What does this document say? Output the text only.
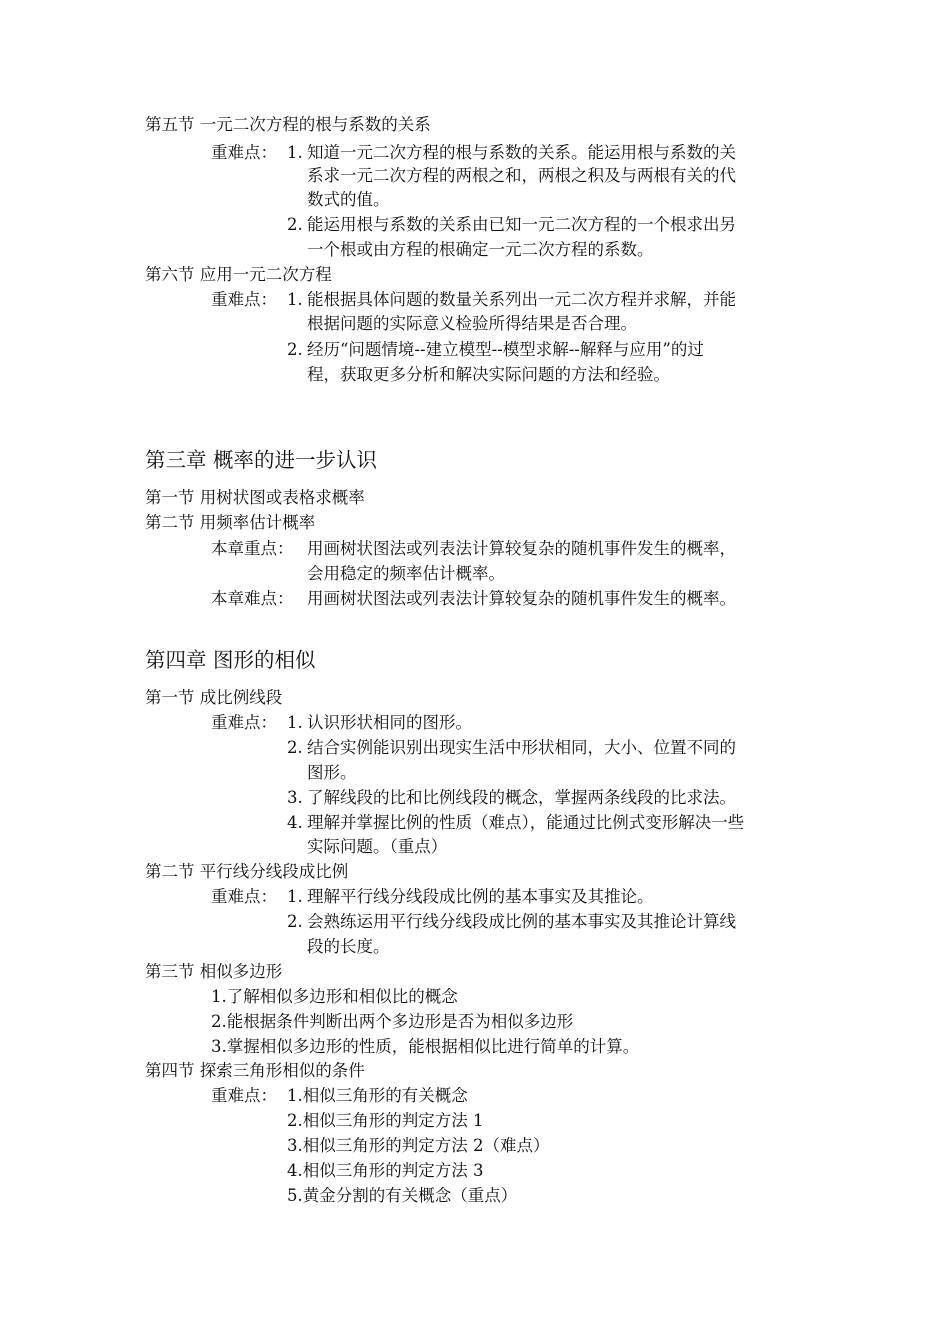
第五节 一元二次方程的根与系数的关系
重难点： 1. 知道一元二次方程的根与系数的关系。能运用根与系数的关
系求一元二次方程的两根之和，两根之积及与两根有关的代
数式的值。
2. 能运用根与系数的关系由已知一元二次方程的一个根求出另
一个根或由方程的根确定一元二次方程的系数。
第六节 应用一元二次方程
重难点： 1. 能根据具体问题的数量关系列出一元二次方程并求解，并能
根据问题的实际意义检验所得结果是否合理。
2. 经历“问题情境--建立模型--模型求解--解释与应用”的过
程，获取更多分析和解决实际问题的方法和经验。
第三章 概率的进一步认识
第一节 用树状图或表格求概率
第二节 用频率估计概率
本章重点： 用画树状图法或列表法计算较复杂的随机事件发生的概率，
会用稳定的频率估计概率。
本章难点： 用画树状图法或列表法计算较复杂的随机事件发生的概率。
第四章 图形的相似
第一节 成比例线段
重难点： 1. 认识形状相同的图形。
2. 结合实例能识别出现实生活中形状相同，大小、位置不同的
图形。
3. 了解线段的比和比例线段的概念，掌握两条线段的比求法。
4. 理解并掌握比例的性质（难点），能通过比例式变形解决一些
实际问题。（重点）
第二节 平行线分线段成比例
重难点： 1. 理解平行线分线段成比例的基本事实及其推论。
2. 会熟练运用平行线分线段成比例的基本事实及其推论计算线
段的长度。
第三节 相似多边形
1.了解相似多边形和相似比的概念
2.能根据条件判断出两个多边形是否为相似多边形
3.掌握相似多边形的性质，能根据相似比进行简单的计算。
第四节 探索三角形相似的条件
重难点： 1.相似三角形的有关概念
2.相似三角形的判定方法 1
3.相似三角形的判定方法 2（难点）
4.相似三角形的判定方法 3
5.黄金分割的有关概念（重点）
